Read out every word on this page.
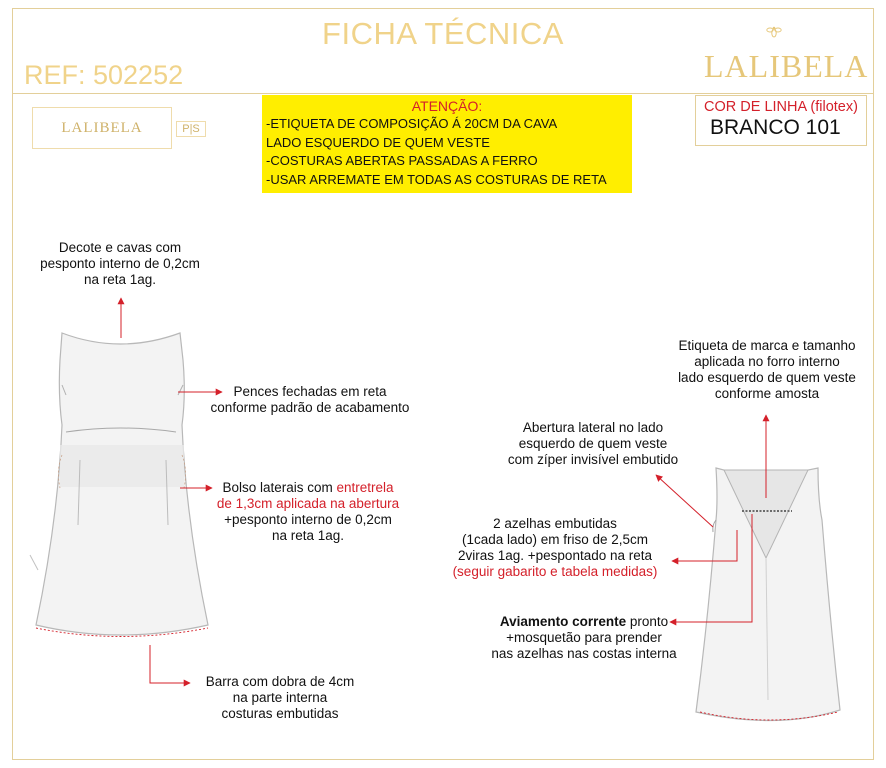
FICHA TÉCNICA
REF: 502252	LALIBELA
LALIBELA	P|S
ATENÇÃO:
-ETIQUETA DE COMPOSIÇÃO Á 20CM DA CAVA
LADO ESQUERDO DE QUEM VESTE
-COSTURAS ABERTAS PASSADAS A FERRO
-USAR ARREMATE EM TODAS AS COSTURAS DE RETA
COR DE LINHA (filotex)
BRANCO 101
Decote e cavas com
pesponto interno de 0,2cm
na reta 1ag.
Pences fechadas em reta
conforme padrão de acabamento
Bolso laterais com entretrela
de 1,3cm aplicada na abertura
+pesponto interno de 0,2cm
na reta 1ag.
Barra com dobra de 4cm
na parte interna
costuras embutidas
Etiqueta de marca e tamanho
aplicada no forro interno
lado esquerdo de quem veste
conforme amosta
Abertura lateral no lado
esquerdo de quem veste
com zíper invisível embutido
2 azelhas embutidas
(1cada lado) em friso de 2,5cm
2viras 1ag. +pespontado na reta
(seguir gabarito e tabela medidas)
Aviamento corrente pronto
+mosquetão para prender
nas azelhas nas costas interna
